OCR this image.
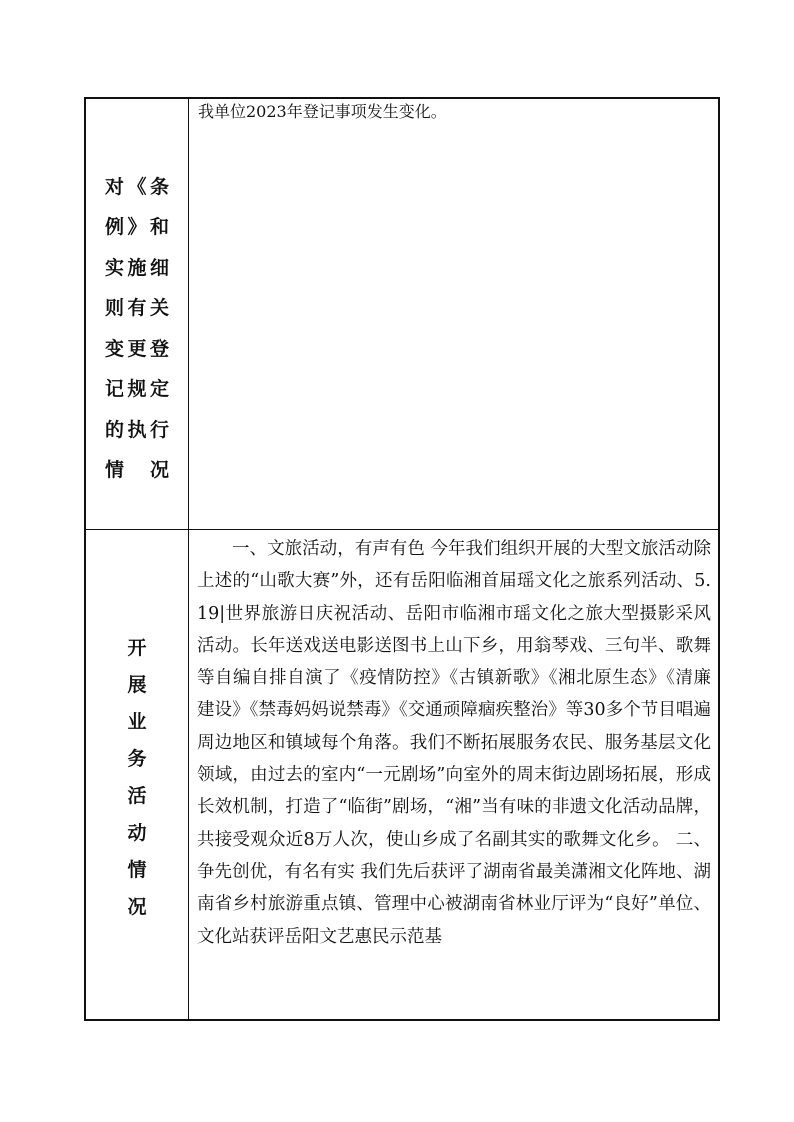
对《条例》和实施细则有关变更登记规定的执行情　况
我单位2023年登记事项发生变化。
开展业务活动情况
一、文旅活动，有声有色 今年我们组织开展的大型文旅活动除上述的“山歌大赛”外，还有岳阳临湘首届瑶文化之旅系列活动、5.19|世界旅游日庆祝活动、岳阳市临湘市瑶文化之旅大型摄影采风活动。长年送戏送电影送图书上山下乡，用翁琴戏、三句半、歌舞等自编自排自演了《疫情防控》《古镇新歌》《湘北原生态》《清廉建设》《禁毒妈妈说禁毒》《交通顽障痼疾整治》等30多个节目唱遍周边地区和镇域每个角落。我们不断拓展服务农民、服务基层文化领域，由过去的室内“一元剧场”向室外的周末街边剧场拓展，形成长效机制，打造了“临街”剧场，“湘”当有味的非遗文化活动品牌，共接受观众近8万人次，使山乡成了名副其实的歌舞文化乡。 二、争先创优，有名有实 我们先后获评了湖南省最美潇湘文化阵地、湖南省乡村旅游重点镇、管理中心被湖南省林业厅评为“良好”单位、文化站获评岳阳文艺惠民示范基
